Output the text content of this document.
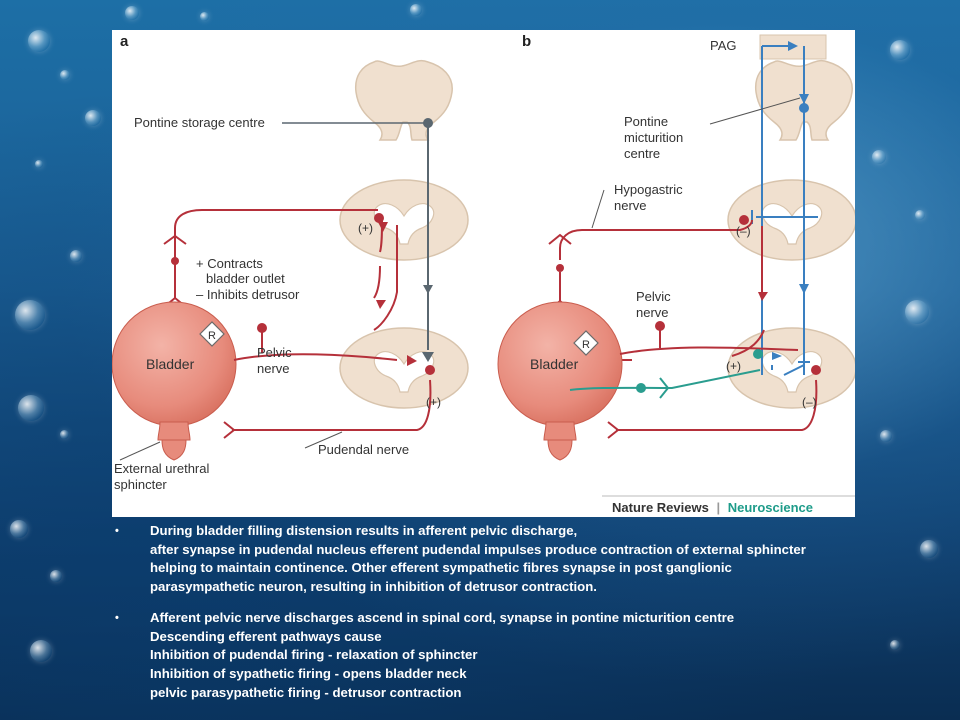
a
R
Pontine storage centre
+ Contracts
bladder outlet
– Inhibits detrusor
(+)
(+)
Bladder
Pelvic
nerve
Pudendal nerve
External urethral
sphincter
b	PAG
R
Pontine
micturition
centre
Hypogastric
nerve
(–)
(+)
(–)
Pelvic
nerve
Bladder
Nature Reviews | Neuroscience
• During bladder filling distension results in afferent pelvic discharge,
after synapse in pudendal nucleus efferent pudendal impulses produce contraction of external sphincter
helping to maintain continence. Other efferent sympathetic fibres synapse in post ganglionic
parasympathetic neuron, resulting in inhibition of detrusor contraction.
• Afferent pelvic nerve discharges ascend in spinal cord, synapse in pontine micturition centre
Descending efferent pathways cause
Inhibition of pudendal firing - relaxation of sphincter
Inhibition of sypathetic firing - opens bladder neck
pelvic parasypathetic firing - detrusor contraction
